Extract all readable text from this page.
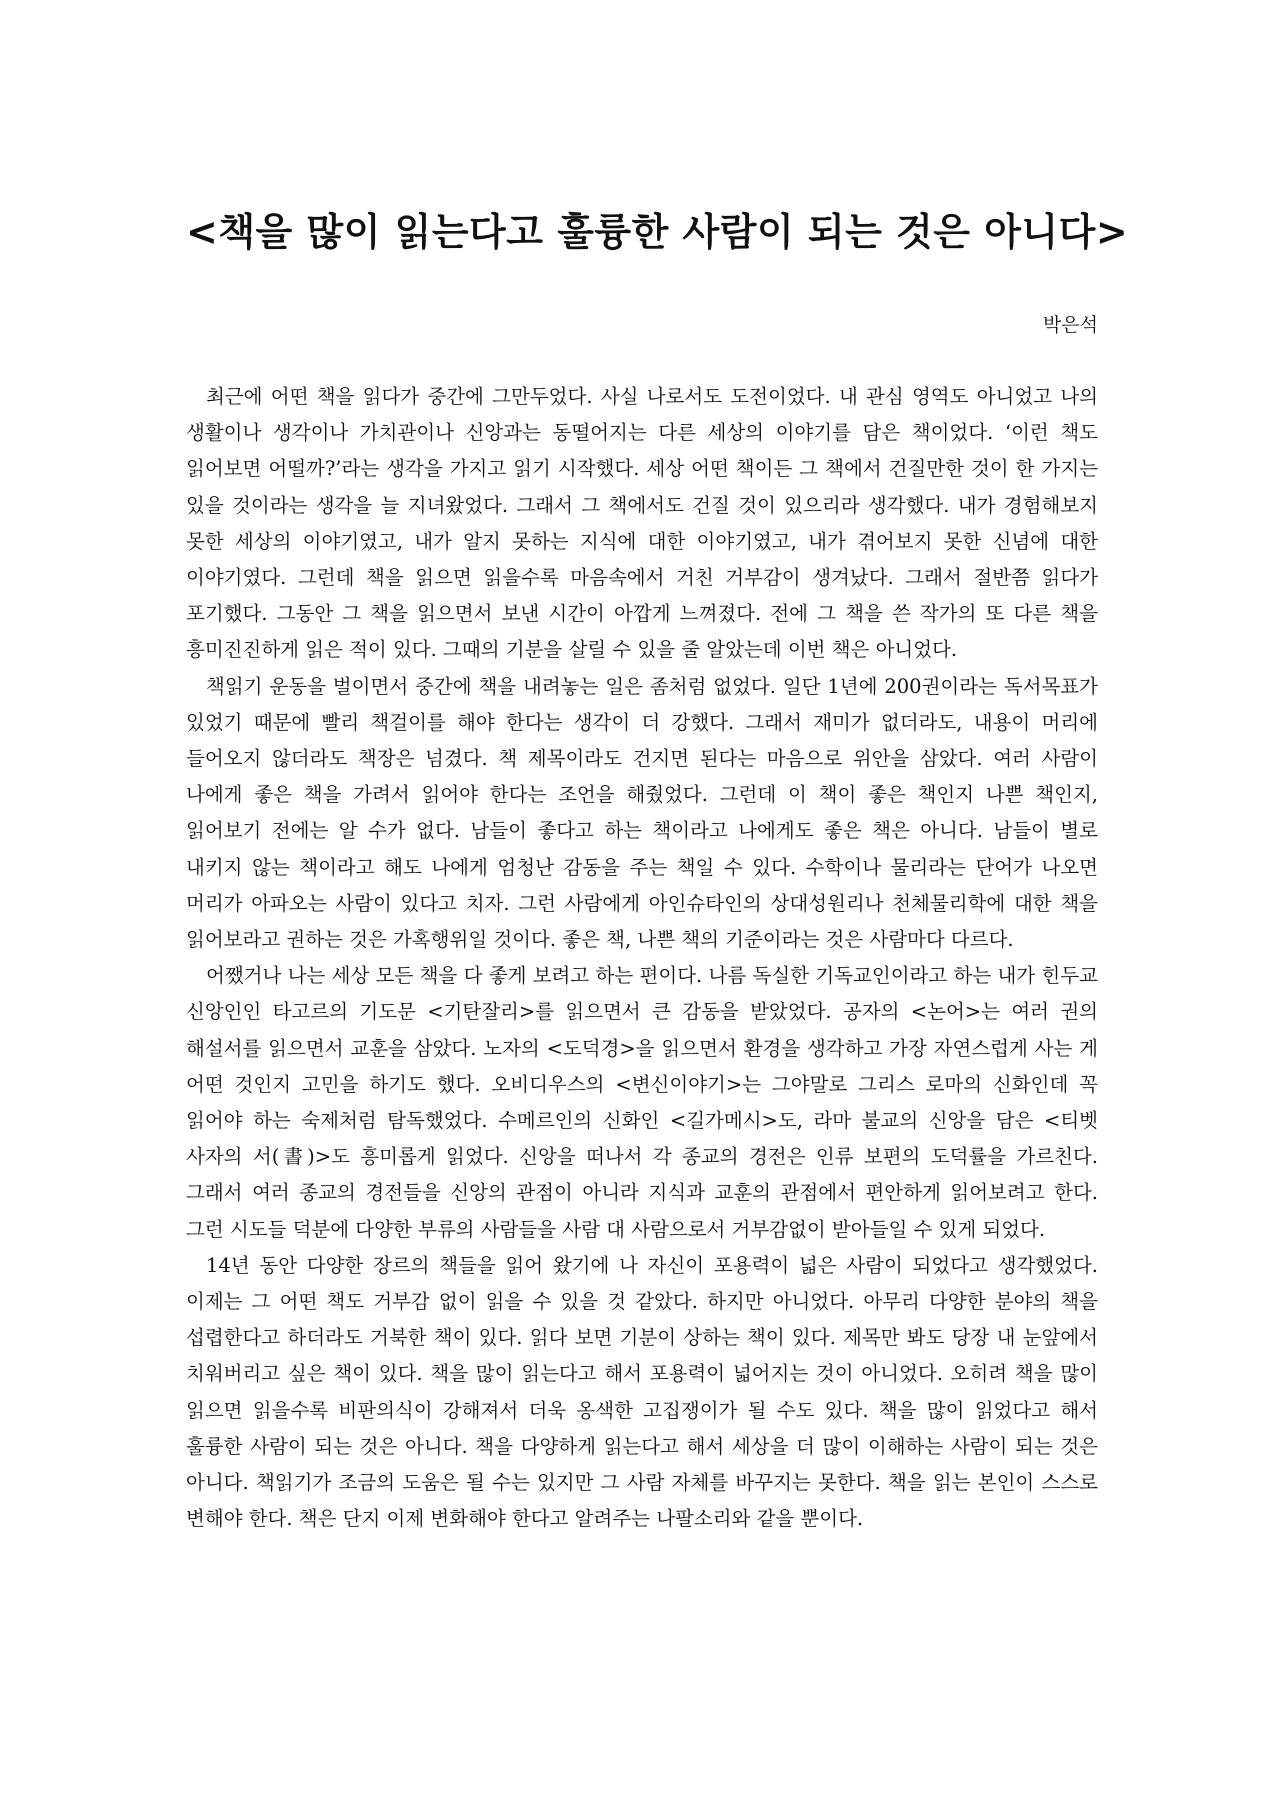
<책을 많이 읽는다고 훌륭한 사람이 되는 것은 아니다>
박은석

최근에 어떤 책을 읽다가 중간에 그만두었다. 사실 나로서도 도전이었다. 내 관심 영역도 아니었고 나의 생활이나 생각이나 가치관이나 신앙과는 동떨어지는 다른 세상의 이야기를 담은 책이었다. ‘이런 책도 읽어보면 어떨까?’라는 생각을 가지고 읽기 시작했다. 세상 어떤 책이든 그 책에서 건질만한 것이 한 가지는 있을 것이라는 생각을 늘 지녀왔었다. 그래서 그 책에서도 건질 것이 있으리라 생각했다. 내가 경험해보지 못한 세상의 이야기였고, 내가 알지 못하는 지식에 대한 이야기였고, 내가 겪어보지 못한 신념에 대한 이야기였다. 그런데 책을 읽으면 읽을수록 마음속에서 거친 거부감이 생겨났다. 그래서 절반쯤 읽다가 포기했다. 그동안 그 책을 읽으면서 보낸 시간이 아깝게 느껴졌다. 전에 그 책을 쓴 작가의 또 다른 책을 흥미진진하게 읽은 적이 있다. 그때의 기분을 살릴 수 있을 줄 알았는데 이번 책은 아니었다.

책읽기 운동을 벌이면서 중간에 책을 내려놓는 일은 좀처럼 없었다. 일단 1년에 200권이라는 독서목표가 있었기 때문에 빨리 책걸이를 해야 한다는 생각이 더 강했다. 그래서 재미가 없더라도, 내용이 머리에 들어오지 않더라도 책장은 넘겼다. 책 제목이라도 건지면 된다는 마음으로 위안을 삼았다. 여러 사람이 나에게 좋은 책을 가려서 읽어야 한다는 조언을 해줬었다. 그런데 이 책이 좋은 책인지 나쁜 책인지, 읽어보기 전에는 알 수가 없다. 남들이 좋다고 하는 책이라고 나에게도 좋은 책은 아니다. 남들이 별로 내키지 않는 책이라고 해도 나에게 엄청난 감동을 주는 책일 수 있다. 수학이나 물리라는 단어가 나오면 머리가 아파오는 사람이 있다고 치자. 그런 사람에게 아인슈타인의 상대성원리나 천체물리학에 대한 책을 읽어보라고 권하는 것은 가혹행위일 것이다. 좋은 책, 나쁜 책의 기준이라는 것은 사람마다 다르다.

어쨌거나 나는 세상 모든 책을 다 좋게 보려고 하는 편이다. 나름 독실한 기독교인이라고 하는 내가 힌두교 신앙인인 타고르의 기도문 <기탄잘리>를 읽으면서 큰 감동을 받았었다. 공자의 <논어>는 여러 권의 해설서를 읽으면서 교훈을 삼았다. 노자의 <도덕경>을 읽으면서 환경을 생각하고 가장 자연스럽게 사는 게 어떤 것인지 고민을 하기도 했다. 오비디우스의 <변신이야기>는 그야말로 그리스 로마의 신화인데 꼭 읽어야 하는 숙제처럼 탐독했었다. 수메르인의 신화인 <길가메시>도, 라마 불교의 신앙을 담은 <티벳 사자의 서(書)>도 흥미롭게 읽었다. 신앙을 떠나서 각 종교의 경전은 인류 보편의 도덕률을 가르친다. 그래서 여러 종교의 경전들을 신앙의 관점이 아니라 지식과 교훈의 관점에서 편안하게 읽어보려고 한다. 그런 시도들 덕분에 다양한 부류의 사람들을 사람 대 사람으로서 거부감없이 받아들일 수 있게 되었다.

14년 동안 다양한 장르의 책들을 읽어 왔기에 나 자신이 포용력이 넓은 사람이 되었다고 생각했었다. 이제는 그 어떤 책도 거부감 없이 읽을 수 있을 것 같았다. 하지만 아니었다. 아무리 다양한 분야의 책을 섭렵한다고 하더라도 거북한 책이 있다. 읽다 보면 기분이 상하는 책이 있다. 제목만 봐도 당장 내 눈앞에서 치워버리고 싶은 책이 있다. 책을 많이 읽는다고 해서 포용력이 넓어지는 것이 아니었다. 오히려 책을 많이 읽으면 읽을수록 비판의식이 강해져서 더욱 옹색한 고집쟁이가 될 수도 있다. 책을 많이 읽었다고 해서 훌륭한 사람이 되는 것은 아니다. 책을 다양하게 읽는다고 해서 세상을 더 많이 이해하는 사람이 되는 것은 아니다. 책읽기가 조금의 도움은 될 수는 있지만 그 사람 자체를 바꾸지는 못한다. 책을 읽는 본인이 스스로 변해야 한다. 책은 단지 이제 변화해야 한다고 알려주는 나팔소리와 같을 뿐이다.
